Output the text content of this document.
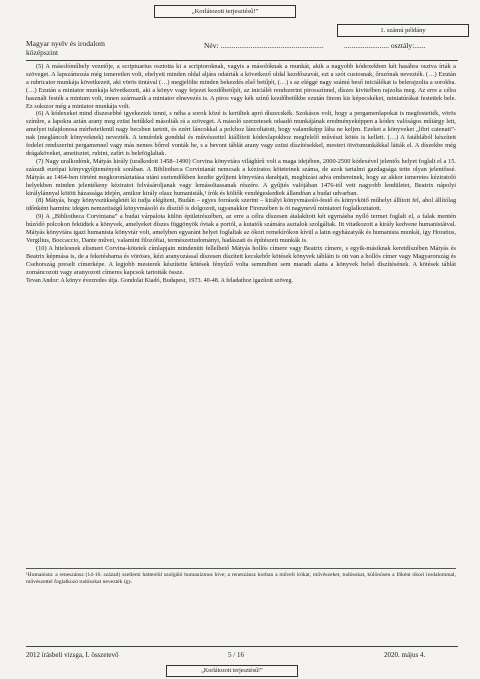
„Korlátozott terjesztésű!”
1. számú példány
Magyar nyelv és irodalom
középszint
Név: .......................................................	........................ osztály:......

(5) A másolóműhely vezetője, a scriptuarius osztotta ki a scriptoroknak, vagyis a másolóknak a munkát, akik a nagyobb kódexekben két hasábra osztva írták a szöveget. A lapszámozás még ismeretlen volt, ehelyett minden oldal aljára odaírták a következő oldal kezdőszavát, ezt a szót custosnak, őrszónak nevezték. (…) Ezután a rubricator munkája következett, aki vörös tintával (…) megjelölte minden bekezdés első betűjét, (…) s az eléggé nagy számú beső iniciálékat is belerajzolta a sorokba. (…) Ezután a miniator munkája következett, aki a könyv vagy fejezet kezdőbetűjét, az iniciálét rendszerint pirosszínnel, díszes kivitelben rajzolta meg. Az erre a célra használt festék a minium volt, innen származik a miniator elnevezés is. A piros vagy kék színű kezdőbetűkbe ezután finom kis képecskéket, miniatúrákat festettek bele. Ez sokszor még a miniator munkája volt.

(6) A kódexeket mind díszesebbé igyekeztek tenni, s néha a sorok közé is kerültek apró díszecskék. Szokásos volt, hogy a pergamenlapokat is megfestették, vörös színűre, a lapokra aztán arany meg ezüst betűkkel másolták rá a szöveget. A másoló szerzetesek odaadó munkájának eredményeképpen a kódex valóságos műtárgy lett, amelyet tulajdonosa mérhetetlenül nagy becsben tartott, és ezért láncokkal a polchoz láncoltatott, hogy valamiképp lába ne keljen. Ezeket a könyveket „libri catenati”-nak (megláncolt könyveknek) nevezték. A temérdek gonddal és művészettel kiállított kódexlapokhoz megfelelő művészi kötés is kellett. (…) A fatáblából készített fedelet rendszerint pergamennel vagy más nemes bőrrel vonták be, s a bevont táblát arany vagy ezüst díszítésekkel, mesteri ötvösmunkákkal látták el. A díszekbe még drágaköveket, ametisztet, rubint, zafírt is beleföglaltak.

(7) Nagy uralkodónk, Mátyás király (uralkodott 1458–1490) Corvina könyvtára világhírű volt a maga idejében, 2000-2500 kódexével jelentős helyet foglalt el a 15. századi európai könyvgyűjtemények sorában. A Bibliotheca Corvinianát nemcsak a kéziratos köteteinek száma, de azok tartalmi gazdagsága tette olyan jelentőssé. Mátyás az 1464-ben történt megkoronáztatása utáni esztendőkben kezdte gyűjteni könyvtára darabjait, megbízást adva embereinek, hogy az akkor ismeretes kéziratoló helyekben minden jelentékeny kéziratot felvásároljanak vagy lemásoltassanak részére. A gyűjtés valójában 1476-tól vett nagyobb lendületet, Beatrix nápolyi királylánnyal kötött házassága idején, amikor király olasz humanisták,¹ írók és költők vendégeskedtek állandóan a budai udvarban.

(8) Mátyás, hogy könyvszükségletét ki tudja elégíteni, Budán – egyes források szerint – királyi könyvmásoló-festő és könyvkötő műhelyt állított fel, ahol állítólag időnként harminc idegen nemzetiségű könyvmásoló és díszítő is dolgozott, ugyanakkor Firenzében is öt nagynevű miniatort foglalkoztatott.

(9) A „Bibliotheca Corviniana” a budai várpalota külön épületrészében, az erre a célra díszesen átalakított két egymásba nyíló termet foglalt el, a falak mentén húzódó polcokon feküdtek a könyvek, amelyeket díszes függönyök óvtak a portól, a kutatók számára asztalok szolgáltak. Itt vitatkozott a király kedvene humanistáival. Mátyás könyvtára igazi humanista könyvtár volt, amelyben egyaránt helyet foglaltak az ókori remekírókon kívül a latin egyházatyák és humanista munkái, így Horatius, Vergilius, Boccaccio, Dante művei, valamint filozófiai, természettudományi, hadászati és építészeti munkák is.

(10) A hitelesnek elismert Corvina-kötetek címlapjain mindenütt fellelhető Mátyás hollós címere vagy Beatrix címere, s egyik-másiknak keretdíszében Mátyás és Beatrix képmása is, de a feketésbarna és vöröses, kézi aranyozással díszesen díszített kecskebőr kötések könyvek tábláin is ott van a hollós címer vagy Magyarország és Csehország preselt címerképe. A legjobb mesterek készítette kötések fényűző volta semmiben sem maradt alatta a könyvek belső díszítésének. A kötések táblát zománcozott vagy aranyozott címeres kapcsok tartották össze.

Tevan Andor: A könyv évezredes útja. Gondolat Kiadó, Budapest, 1973. 40-48. A feladathoz igazított szöveg.

¹Humanista: a reneszánsz (14-16. század) szellemi hátteréül szolgáló humanizmus híve; a reneszánsz korban a művelt írókat, művészeket, tudósokat, különösen a főként ókori irodalommal, művészettel foglalkozó tudósokat nevezték így.

2012 írásbeli vizsga, I. összetevő	5 / 16	2020. május 4.
„Korlátozott terjesztésű!”
